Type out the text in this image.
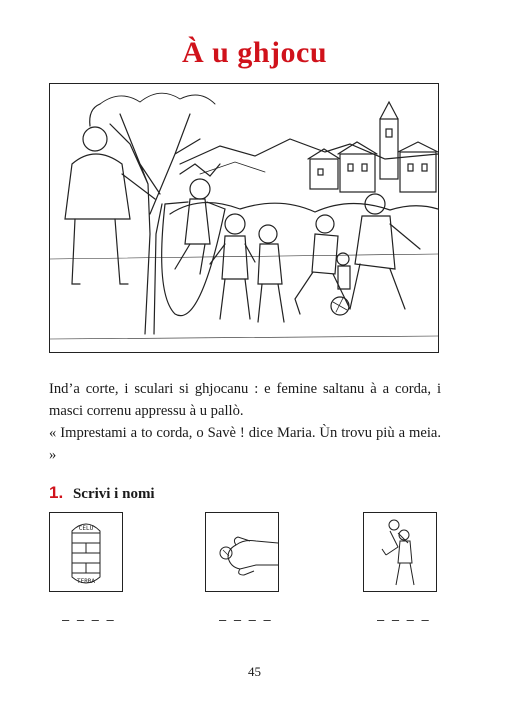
À u ghjocu

Ind’a corte, i sculari si ghjocanu : e femine saltanu à a corda, i masci correnu appressu à u pallò.

« Imprestami a to corda, o Savè ! dice Maria. Ùn trovu più a meia. »

1. Scrivi i nomi
CELU
TERRA
– – – –	– – – –	– – – –
45
